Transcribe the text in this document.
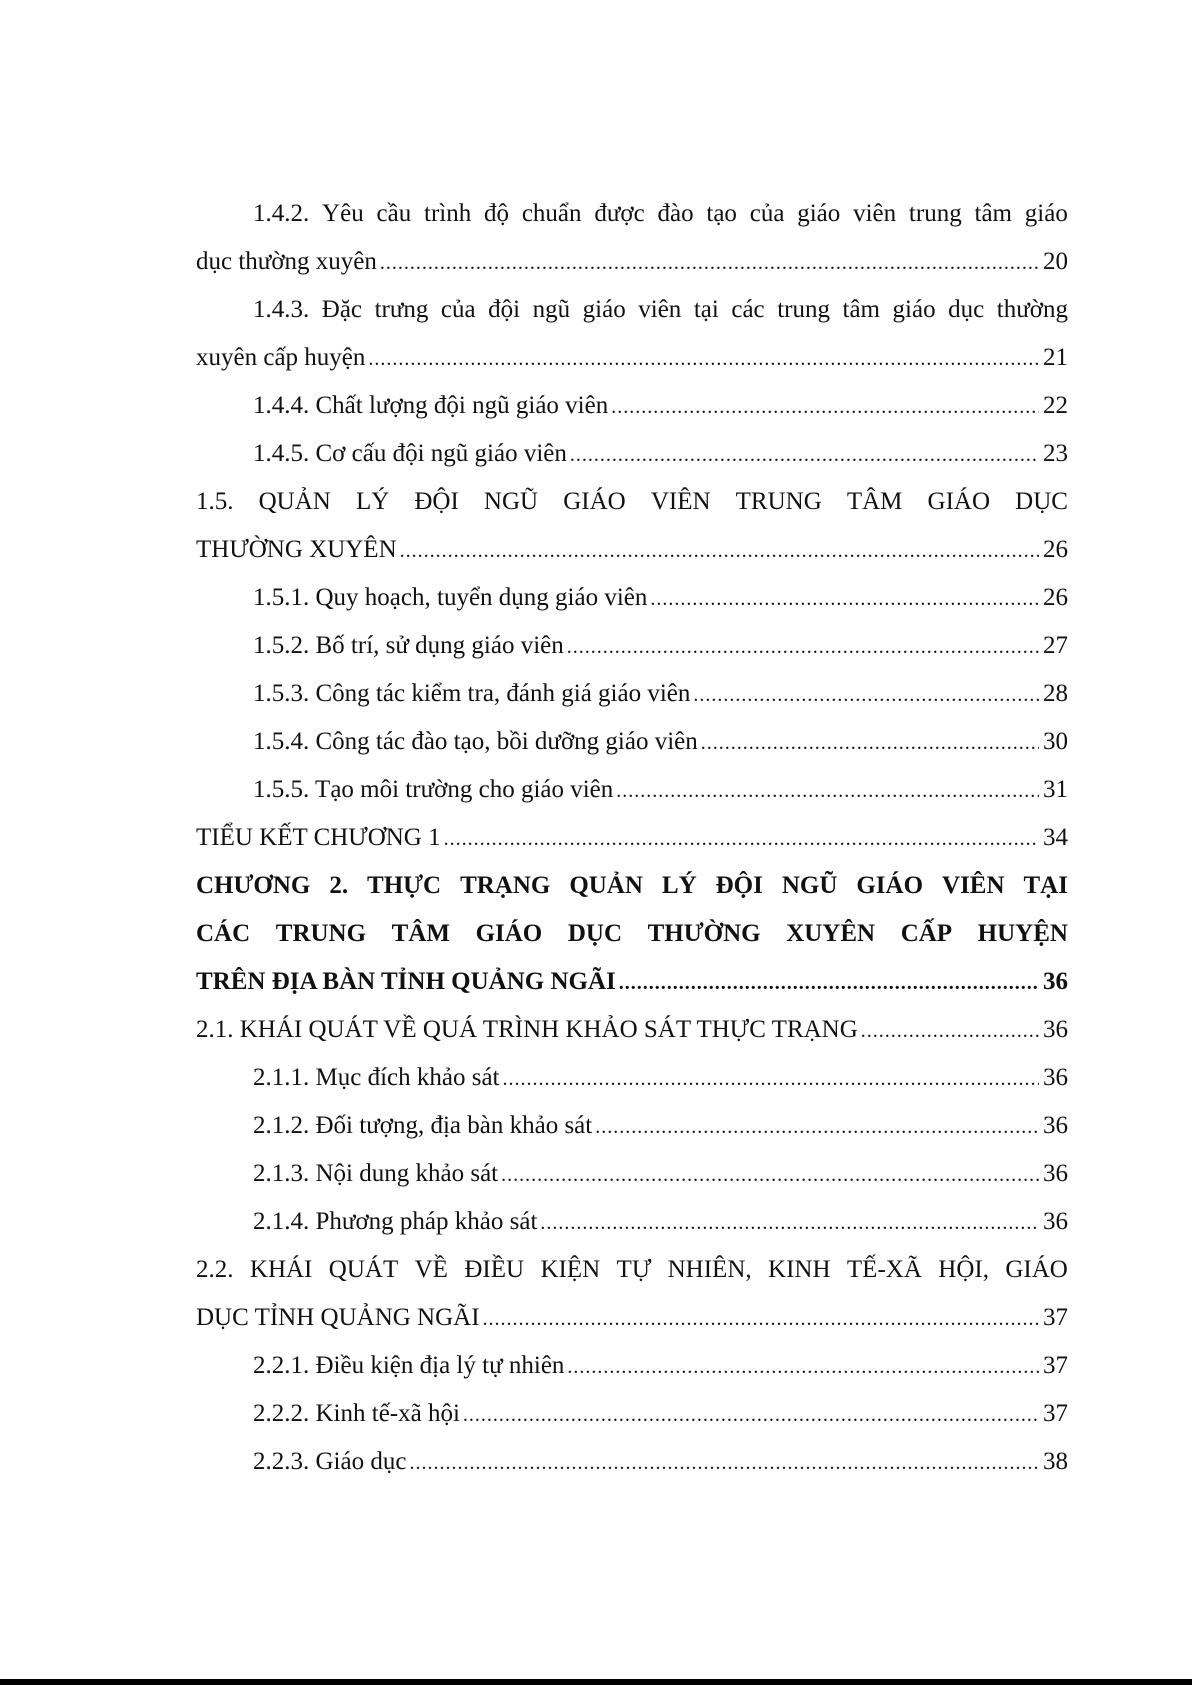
1.4.2. Yêu cầu trình độ chuẩn được đào tạo của giáo viên trung tâm giáo
dục thường xuyên .....	20
1.4.3. Đặc trưng của đội ngũ giáo viên tại các trung tâm giáo dục thường
xuyên cấp huyện .....	21
1.4.4. Chất lượng đội ngũ giáo viên .....	22
1.4.5. Cơ cấu đội ngũ giáo viên .....	23
1.5. QUẢN LÝ ĐỘI NGŨ GIÁO VIÊN TRUNG TÂM GIÁO DỤC
THƯỜNG XUYÊN .....	26
1.5.1. Quy hoạch, tuyển dụng giáo viên .....	26
1.5.2. Bố trí, sử dụng giáo viên .....	27
1.5.3. Công tác kiểm tra, đánh giá giáo viên .....	28
1.5.4. Công tác đào tạo, bồi dưỡng giáo viên .....	30
1.5.5. Tạo môi trường cho giáo viên .....	31
TIỂU KẾT CHƯƠNG 1 .....	34
CHƯƠNG 2. THỰC TRẠNG QUẢN LÝ ĐỘI NGŨ GIÁO VIÊN TẠI
CÁC TRUNG TÂM GIÁO DỤC THƯỜNG XUYÊN CẤP HUYỆN
TRÊN ĐỊA BÀN TỈNH QUẢNG NGÃI .....	36
2.1. KHÁI QUÁT VỀ QUÁ TRÌNH KHẢO SÁT THỰC TRẠNG .....	36
2.1.1. Mục đích khảo sát .....	36
2.1.2. Đối tượng, địa bàn khảo sát .....	36
2.1.3. Nội dung khảo sát .....	36
2.1.4. Phương pháp khảo sát .....	36
2.2. KHÁI QUÁT VỀ ĐIỀU KIỆN TỰ NHIÊN, KINH TẾ-XÃ HỘI, GIÁO
DỤC TỈNH QUẢNG NGÃI .....	37
2.2.1. Điều kiện địa lý tự nhiên .....	37
2.2.2. Kinh tế-xã hội .....	37
2.2.3. Giáo dục .....	38
